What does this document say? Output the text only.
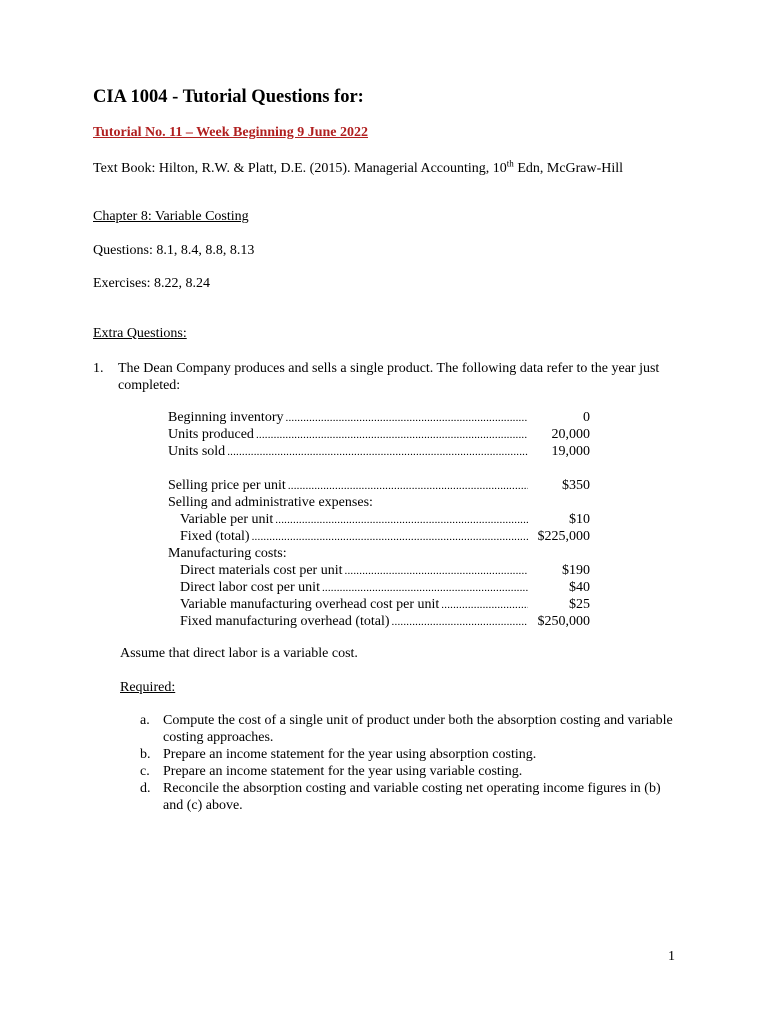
CIA 1004 - Tutorial Questions for:
Tutorial No. 11 – Week Beginning 9 June 2022
Text Book: Hilton, R.W. & Platt, D.E. (2015). Managerial Accounting, 10th Edn, McGraw-Hill
Chapter 8: Variable Costing
Questions: 8.1, 8.4, 8.8, 8.13
Exercises: 8.22, 8.24
Extra Questions:
1. The Dean Company produces and sells a single product. The following data refer to the year just completed:
Beginning inventory .....	0
Units produced .....	20,000
Units sold .....	19,000
Selling price per unit .....	$350
Selling and administrative expenses:
Variable per unit .....	$10
Fixed (total) .....	$225,000
Manufacturing costs:
Direct materials cost per unit .....	$190
Direct labor cost per unit .....	$40
Variable manufacturing overhead cost per unit .....	$25
Fixed manufacturing overhead (total) .....	$250,000
Assume that direct labor is a variable cost.
Required:
a. Compute the cost of a single unit of product under both the absorption costing and variable costing approaches.
b. Prepare an income statement for the year using absorption costing.
c. Prepare an income statement for the year using variable costing.
d. Reconcile the absorption costing and variable costing net operating income figures in (b) and (c) above.
1
